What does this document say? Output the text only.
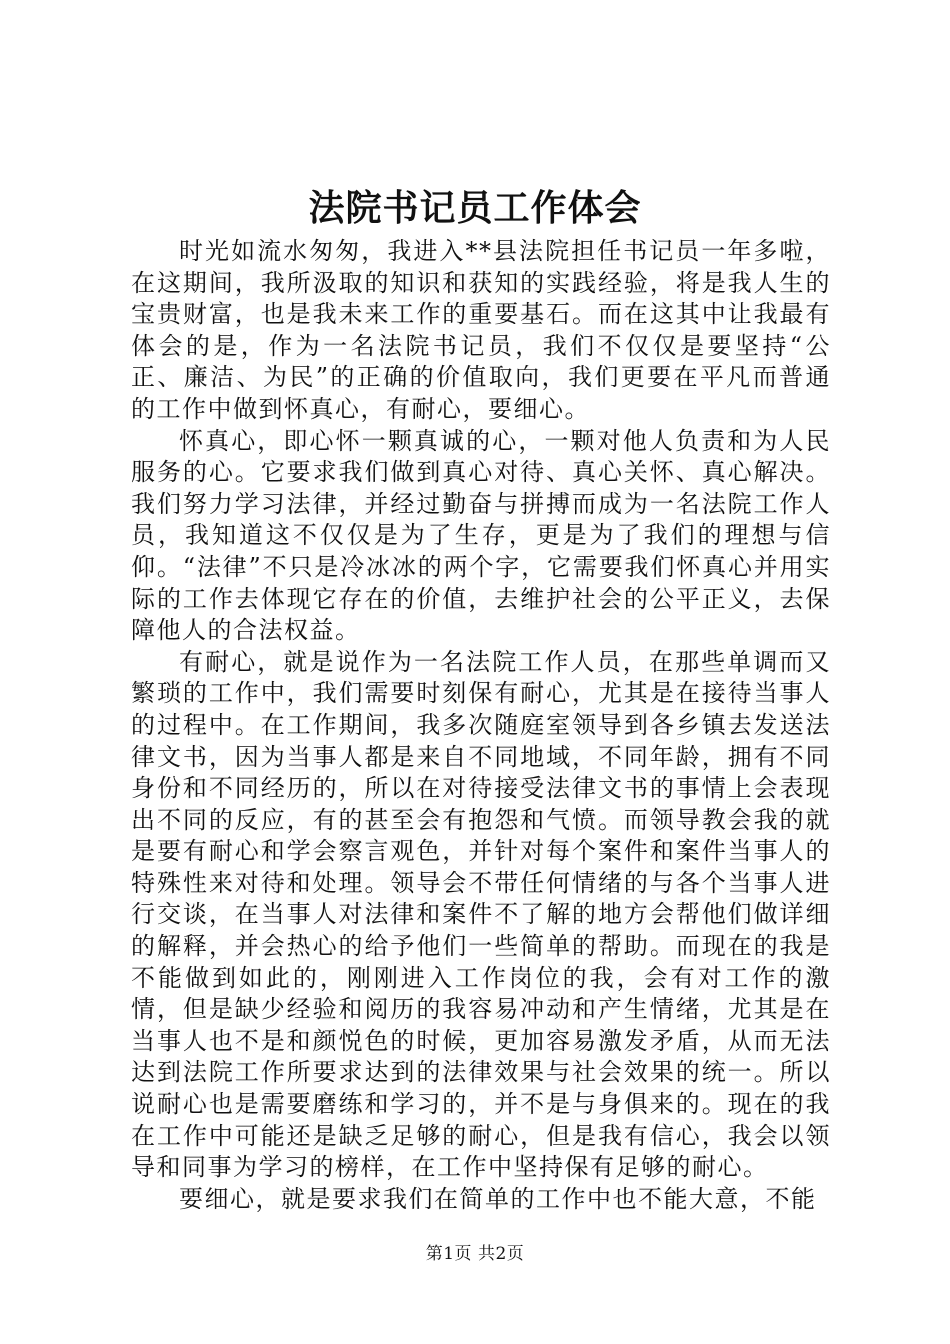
法院书记员工作体会

时光如流水匆匆，我进入**县法院担任书记员一年多啦，在这期间，我所汲取的知识和获知的实践经验，将是我人生的宝贵财富，也是我未来工作的重要基石。而在这其中让我最有体会的是，作为一名法院书记员，我们不仅仅是要坚持“公正、廉洁、为民”的正确的价值取向，我们更要在平凡而普通的工作中做到怀真心，有耐心，要细心。

怀真心，即心怀一颗真诚的心，一颗对他人负责和为人民服务的心。它要求我们做到真心对待、真心关怀、真心解决。我们努力学习法律，并经过勤奋与拼搏而成为一名法院工作人员，我知道这不仅仅是为了生存，更是为了我们的理想与信仰。“法律”不只是冷冰冰的两个字，它需要我们怀真心并用实际的工作去体现它存在的价值，去维护社会的公平正义，去保障他人的合法权益。

有耐心，就是说作为一名法院工作人员，在那些单调而又繁琐的工作中，我们需要时刻保有耐心，尤其是在接待当事人的过程中。在工作期间，我多次随庭室领导到各乡镇去发送法律文书，因为当事人都是来自不同地域，不同年龄，拥有不同身份和不同经历的，所以在对待接受法律文书的事情上会表现出不同的反应，有的甚至会有抱怨和气愤。而领导教会我的就是要有耐心和学会察言观色，并针对每个案件和案件当事人的特殊性来对待和处理。领导会不带任何情绪的与各个当事人进行交谈，在当事人对法律和案件不了解的地方会帮他们做详细的解释，并会热心的给予他们一些简单的帮助。而现在的我是不能做到如此的，刚刚进入工作岗位的我，会有对工作的激情，但是缺少经验和阅历的我容易冲动和产生情绪，尤其是在当事人也不是和颜悦色的时候，更加容易激发矛盾，从而无法达到法院工作所要求达到的法律效果与社会效果的统一。所以说耐心也是需要磨练和学习的，并不是与身俱来的。现在的我在工作中可能还是缺乏足够的耐心，但是我有信心，我会以领导和同事为学习的榜样，在工作中坚持保有足够的耐心。

要细心，就是要求我们在简单的工作中也不能大意，不能

第1页 共2页
